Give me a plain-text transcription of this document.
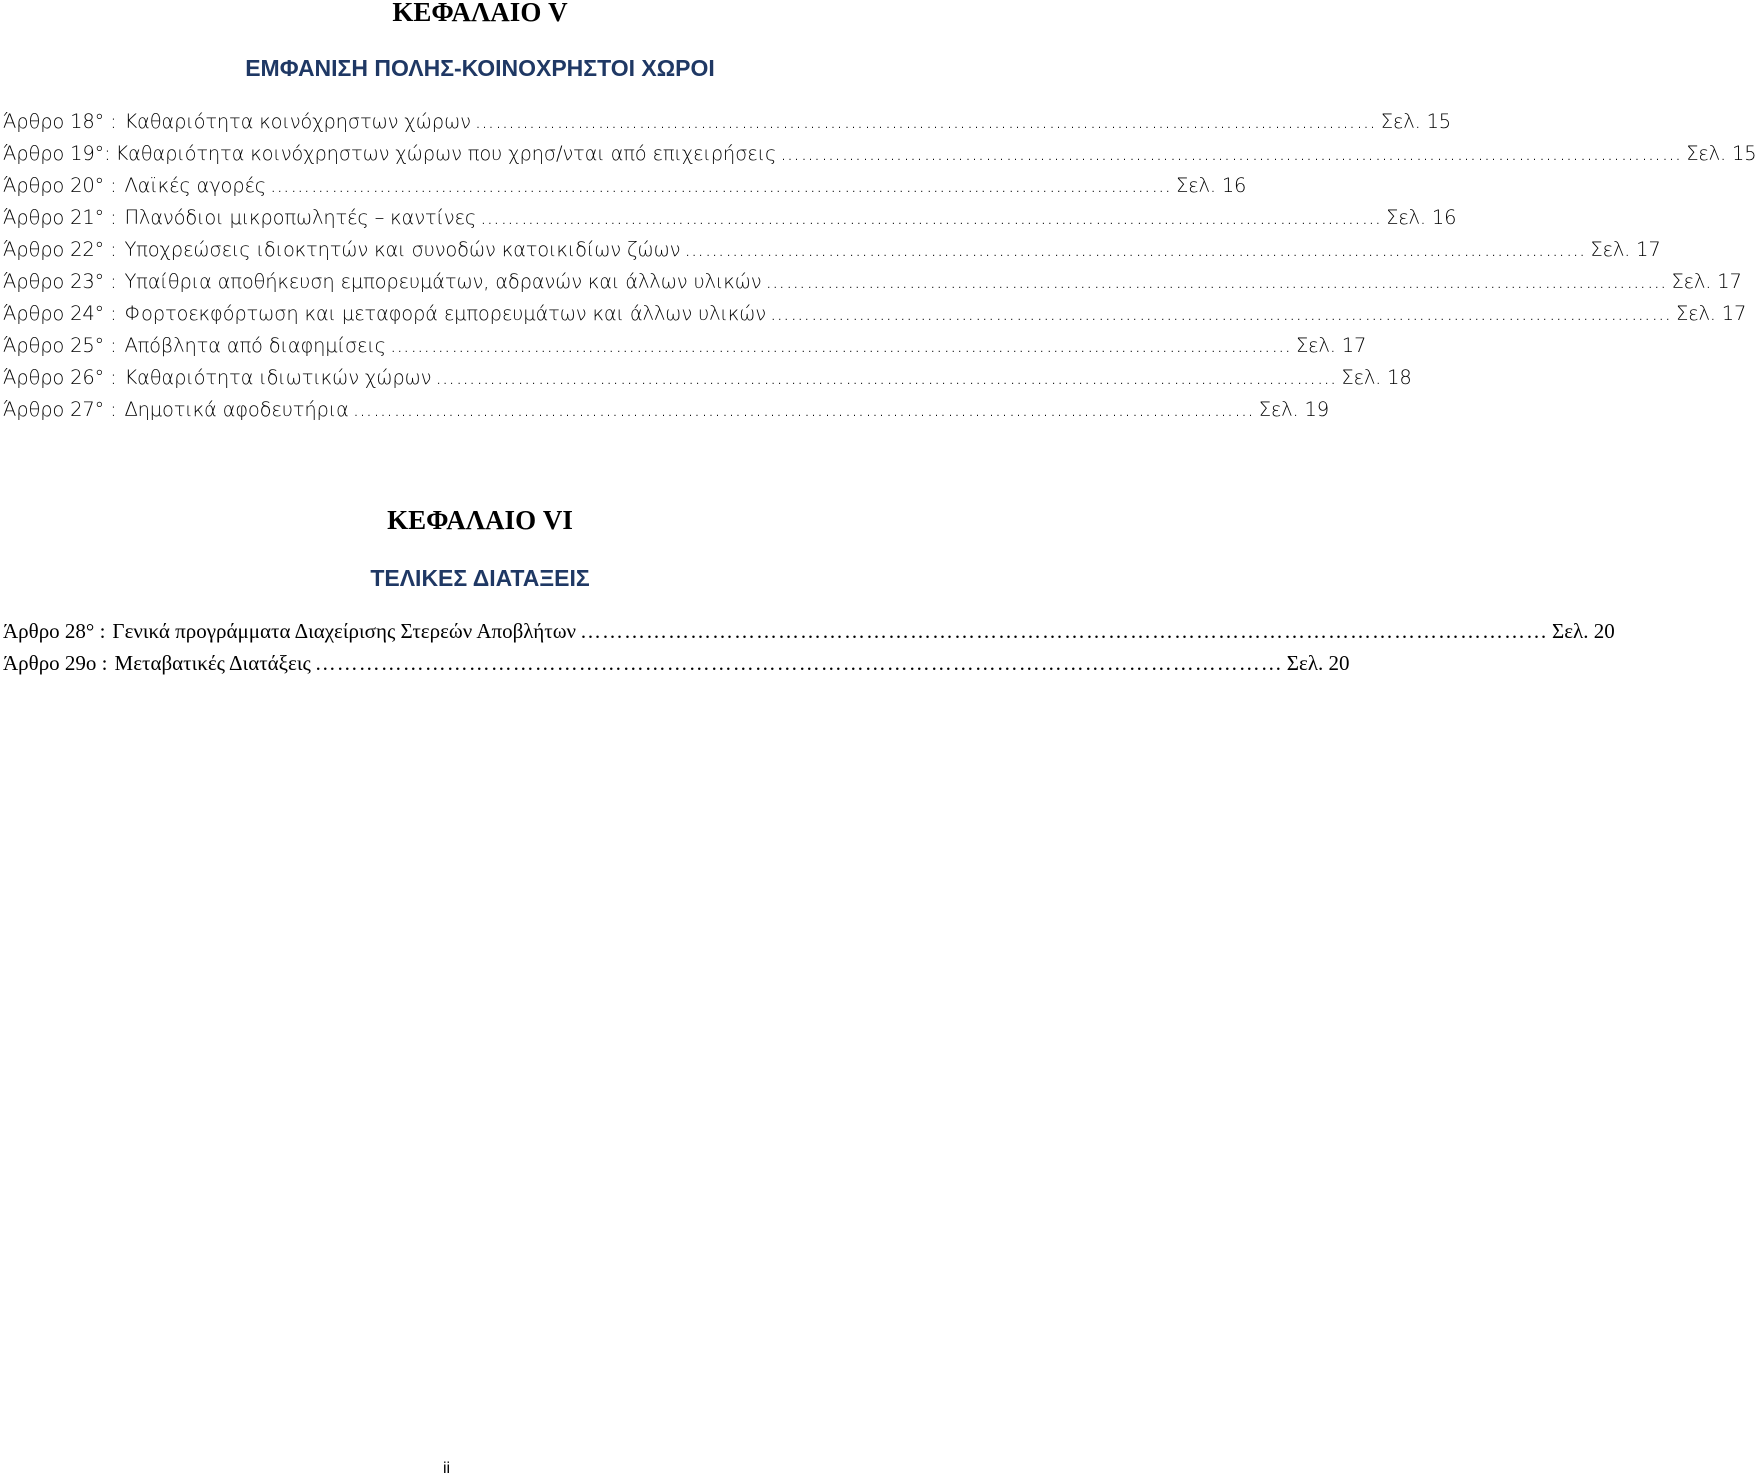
ΚΕΦΑΛΑΙΟ V
ΕΜΦΑΝΙΣΗ ΠΟΛΗΣ-ΚΟΙΝΟΧΡΗΣΤΟΙ ΧΩΡΟΙ
Άρθρο 18° : Καθαριότητα κοινόχρηστων χώρων …………………………………………………………………………………………………………………… Σελ. 15
Άρθρο 19°: Καθαριότητα κοινόχρηστων χώρων που χρησ/νται από επιχειρήσεις …………………………………………………………………………………………………………………… Σελ. 15
Άρθρο 20° : Λαϊκές αγορές …………………………………………………………………………………………………………………… Σελ. 16
Άρθρο 21° : Πλανόδιοι μικροπωλητές – καντίνες …………………………………………………………………………………………………………………… Σελ. 16
Άρθρο 22° : Υποχρεώσεις ιδιοκτητών και συνοδών κατοικιδίων ζώων …………………………………………………………………………………………………………………… Σελ. 17
Άρθρο 23° : Υπαίθρια αποθήκευση εμπορευμάτων, αδρανών και άλλων υλικών …………………………………………………………………………………………………………………… Σελ. 17
Άρθρο 24° : Φορτοεκφόρτωση και μεταφορά εμπορευμάτων και άλλων υλικών …………………………………………………………………………………………………………………… Σελ. 17
Άρθρο 25° : Απόβλητα από διαφημίσεις …………………………………………………………………………………………………………………… Σελ. 17
Άρθρο 26° : Καθαριότητα ιδιωτικών χώρων …………………………………………………………………………………………………………………… Σελ. 18
Άρθρο 27° : Δημοτικά αφοδευτήρια …………………………………………………………………………………………………………………… Σελ. 19
ΚΕΦΑΛΑΙΟ VI
ΤΕΛΙΚΕΣ ΔΙΑΤΑΞΕΙΣ
Άρθρο 28° : Γενικά προγράμματα Διαχείρισης Στερεών Αποβλήτων …………………………………………………………………………………………………………………… Σελ. 20
Άρθρο 29ο : Μεταβατικές Διατάξεις …………………………………………………………………………………………………………………… Σελ. 20
ii
